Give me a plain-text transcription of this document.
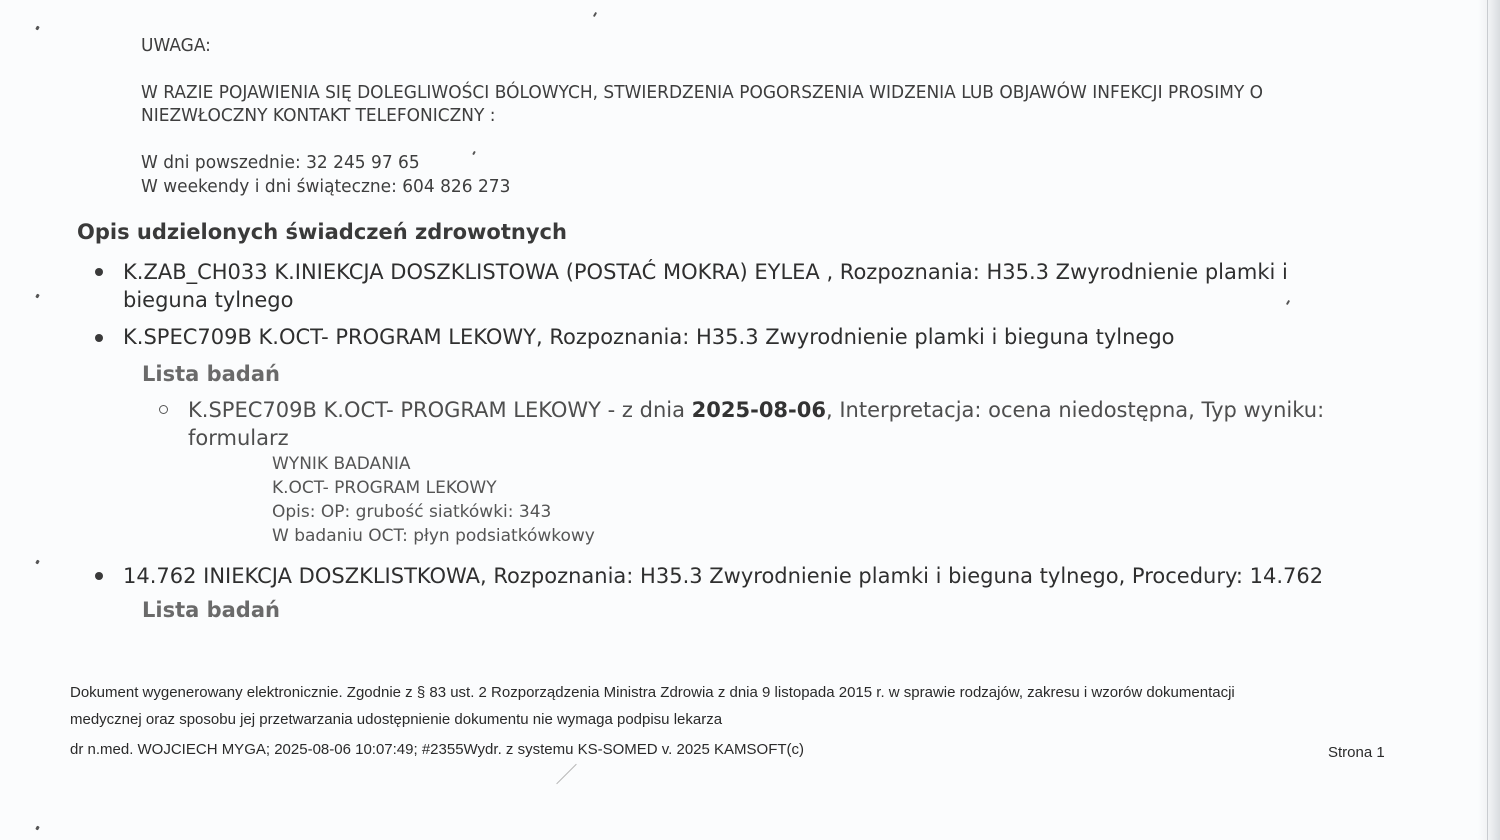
UWAGA:
W RAZIE POJAWIENIA SIĘ DOLEGLIWOŚCI BÓLOWYCH, STWIERDZENIA POGORSZENIA WIDZENIA LUB OBJAWÓW INFEKCJI PROSIMY O
NIEZWŁOCZNY KONTAKT TELEFONICZNY :
W dni powszednie: 32 245 97 65
W weekendy i dni świąteczne: 604 826 273
Opis udzielonych świadczeń zdrowotnych
K.ZAB_CH033 K.INIEKCJA DOSZKLISTOWA (POSTAĆ MOKRA) EYLEA , Rozpoznania: H35.3 Zwyrodnienie plamki i
bieguna tylnego
K.SPEC709B K.OCT- PROGRAM LEKOWY, Rozpoznania: H35.3 Zwyrodnienie plamki i bieguna tylnego
Lista badań
K.SPEC709B K.OCT- PROGRAM LEKOWY - z dnia 2025-08-06, Interpretacja: ocena niedostępna, Typ wyniku:
formularz
WYNIK BADANIA
K.OCT- PROGRAM LEKOWY
Opis: OP: grubość siatkówki: 343
W badaniu OCT: płyn podsiatkówkowy
14.762 INIEKCJA DOSZKLISTKOWA, Rozpoznania: H35.3 Zwyrodnienie plamki i bieguna tylnego, Procedury: 14.762
Lista badań
Dokument wygenerowany elektronicznie. Zgodnie z § 83 ust. 2 Rozporządzenia Ministra Zdrowia z dnia 9 listopada 2015 r. w sprawie rodzajów, zakresu i wzorów dokumentacji
medycznej oraz sposobu jej przetwarzania udostępnienie dokumentu nie wymaga podpisu lekarza
dr n.med. WOJCIECH MYGA; 2025-08-06 10:07:49; #2355Wydr. z systemu KS-SOMED v. 2025 KAMSOFT(c)	Strona 1
